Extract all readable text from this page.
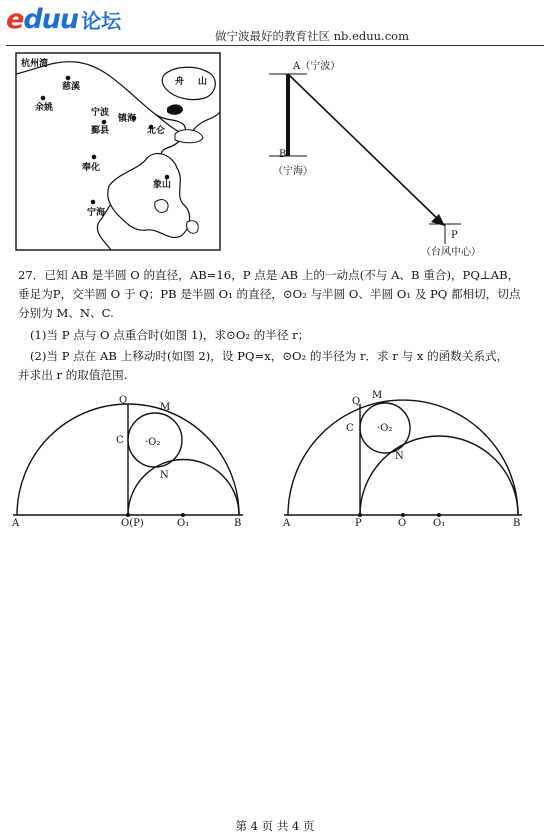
eduu 论坛
做宁波最好的教育社区 nb.eduu.com
杭州湾
慈溪
余姚	宁波
鄞县
镇海
北仑
舟 山
奉化
象山
宁海
A（宁波）
B
（宁海）
P
（台风中心）
27．已知 AB 是半圆 O 的直径，AB=16，P 点是 AB 上的一动点(不与 A、B 重合)，PQ⊥AB，
垂足为P，交半圆 O 于 Q；PB 是半圆 O₁ 的直径，⊙O₂ 与半圆 O、半圆 O₁ 及 PQ 都相切，切点
分别为 M、N、C.
(1)当 P 点与 O 点重合时(如图 1)，求⊙O₂ 的半径 r；
(2)当 P 点在 AB 上移动时(如图 2)，设 PQ=x，⊙O₂ 的半径为 r．求 r 与 x 的函数关系式，
并求出 r 的取值范围.
Q
M
C ·O₂
N
A	O(P)	O₁	B
Q
M
C ·O₂
N
A	P	O	O₁	B
第 4 页 共 4 页
